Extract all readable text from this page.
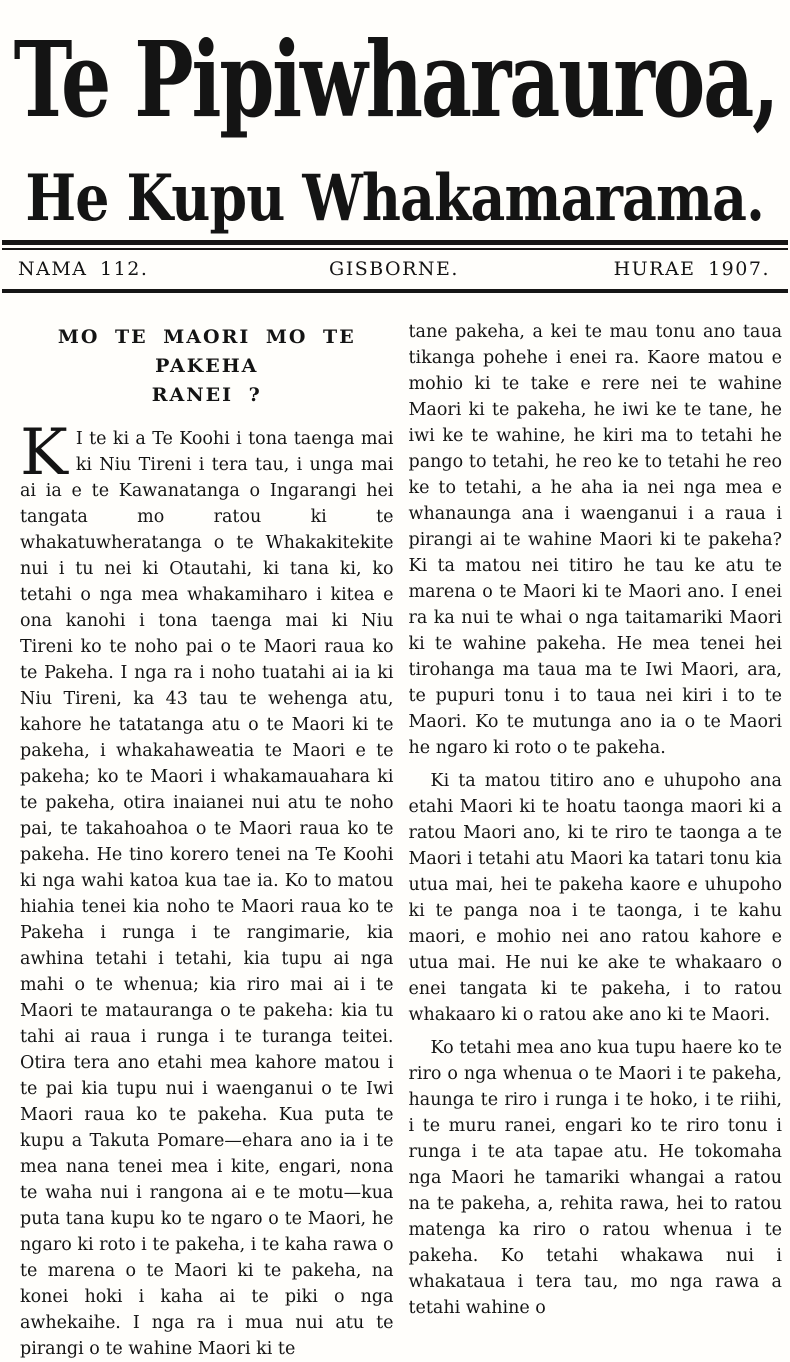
Te Pipiwharauroa,
He Kupu Whakamarama.
NAMA 112.	GISBORNE.	HURAE 1907.
MO TE MAORI MO TE PAKEHA
RANEI ?

K I te ki a Te Koohi i tona taenga mai ki Niu Tireni i tera tau, i unga mai ai ia e te Kawanatanga o Ingarangi hei tangata mo ratou ki te whakatuwheratanga o te Whakakitekite nui i tu nei ki Otautahi, ki tana ki, ko tetahi o nga mea whakamiharo i kitea e ona kanohi i tona taenga mai ki Niu Tireni ko te noho pai o te Maori raua ko te Pakeha. I nga ra i noho tuatahi ai ia ki Niu Tireni, ka 43 tau te wehenga atu, kahore he tatatanga atu o te Maori ki te pakeha, i whakahaweatia te Maori e te pakeha; ko te Maori i whakamauahara ki te pakeha, otira inaianei nui atu te noho pai, te takahoahoa o te Maori raua ko te pakeha. He tino korero tenei na Te Koohi ki nga wahi katoa kua tae ia. Ko to matou hiahia tenei kia noho te Maori raua ko te Pakeha i runga i te rangimarie, kia awhina tetahi i tetahi, kia tupu ai nga mahi o te whenua; kia riro mai ai i te Maori te matauranga o te pakeha: kia tu tahi ai raua i runga i te turanga teitei. Otira tera ano etahi mea kahore matou i te pai kia tupu nui i waenganui o te Iwi Maori raua ko te pakeha. Kua puta te kupu a Takuta Pomare—ehara ano ia i te mea nana tenei mea i kite, engari, nona te waha nui i rangona ai e te motu—kua puta tana kupu ko te ngaro o te Maori, he ngaro ki roto i te pakeha, i te kaha rawa o te marena o te Maori ki te pakeha, na konei hoki i kaha ai te piki o nga awhekaihe. I nga ra i mua nui atu te pirangi o te wahine Maori ki te

tane pakeha, a kei te mau tonu ano taua tikanga pohehe i enei ra. Kaore matou e mohio ki te take e rere nei te wahine Maori ki te pakeha, he iwi ke te tane, he iwi ke te wahine, he kiri ma to tetahi he pango to tetahi, he reo ke to tetahi he reo ke to tetahi, a he aha ia nei nga mea e whanaunga ana i waenganui i a raua i pirangi ai te wahine Maori ki te pakeha? Ki ta matou nei titiro he tau ke atu te marena o te Maori ki te Maori ano. I enei ra ka nui te whai o nga taitamariki Maori ki te wahine pakeha. He mea tenei hei tirohanga ma taua ma te Iwi Maori, ara, te pupuri tonu i to taua nei kiri i to te Maori. Ko te mutunga ano ia o te Maori he ngaro ki roto o te pakeha.

Ki ta matou titiro ano e uhupoho ana etahi Maori ki te hoatu taonga maori ki a ratou Maori ano, ki te riro te taonga a te Maori i tetahi atu Maori ka tatari tonu kia utua mai, hei te pakeha kaore e uhupoho ki te panga noa i te taonga, i te kahu maori, e mohio nei ano ratou kahore e utua mai. He nui ke ake te whakaaro o enei tangata ki te pakeha, i to ratou whakaaro ki o ratou ake ano ki te Maori.

Ko tetahi mea ano kua tupu haere ko te riro o nga whenua o te Maori i te pakeha, haunga te riro i runga i te hoko, i te riihi, i te muru ranei, engari ko te riro tonu i runga i te ata tapae atu. He tokomaha nga Maori he tamariki whangai a ratou na te pakeha, a, rehita rawa, hei to ratou matenga ka riro o ratou whenua i te pakeha. Ko tetahi whakawa nui i whakataua i tera tau, mo nga rawa a tetahi wahine o
